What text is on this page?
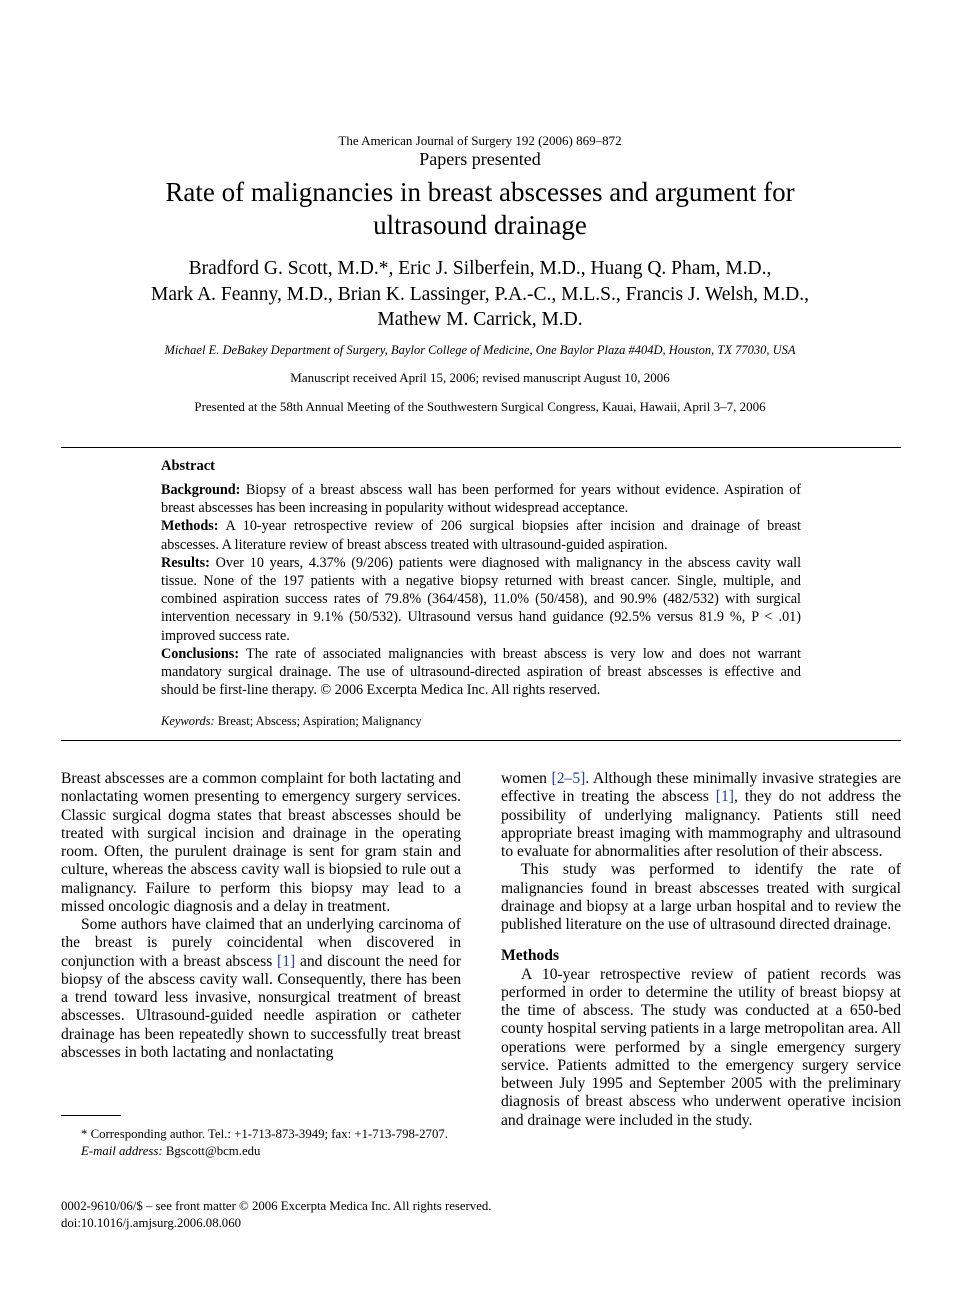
The American Journal of Surgery 192 (2006) 869–872
Papers presented
Rate of malignancies in breast abscesses and argument for
ultrasound drainage
Bradford G. Scott, M.D.*, Eric J. Silberfein, M.D., Huang Q. Pham, M.D.,
Mark A. Feanny, M.D., Brian K. Lassinger, P.A.-C., M.L.S., Francis J. Welsh, M.D.,
Mathew M. Carrick, M.D.
Michael E. DeBakey Department of Surgery, Baylor College of Medicine, One Baylor Plaza #404D, Houston, TX 77030, USA
Manuscript received April 15, 2006; revised manuscript August 10, 2006
Presented at the 58th Annual Meeting of the Southwestern Surgical Congress, Kauai, Hawaii, April 3–7, 2006
Abstract

Background: Biopsy of a breast abscess wall has been performed for years without evidence. Aspiration of breast abscesses has been increasing in popularity without widespread acceptance.

Methods: A 10-year retrospective review of 206 surgical biopsies after incision and drainage of breast abscesses. A literature review of breast abscess treated with ultrasound-guided aspiration.

Results: Over 10 years, 4.37% (9/206) patients were diagnosed with malignancy in the abscess cavity wall tissue. None of the 197 patients with a negative biopsy returned with breast cancer. Single, multiple, and combined aspiration success rates of 79.8% (364/458), 11.0% (50/458), and 90.9% (482/532) with surgical intervention necessary in 9.1% (50/532). Ultrasound versus hand guidance (92.5% versus 81.9 %, P < .01) improved success rate.

Conclusions: The rate of associated malignancies with breast abscess is very low and does not warrant mandatory surgical drainage. The use of ultrasound-directed aspiration of breast abscesses is effective and should be first-line therapy. © 2006 Excerpta Medica Inc. All rights reserved.

Keywords: Breast; Abscess; Aspiration; Malignancy

Breast abscesses are a common complaint for both lactating and nonlactating women presenting to emergency surgery services. Classic surgical dogma states that breast abscesses should be treated with surgical incision and drainage in the operating room. Often, the purulent drainage is sent for gram stain and culture, whereas the abscess cavity wall is biopsied to rule out a malignancy. Failure to perform this biopsy may lead to a missed oncologic diagnosis and a delay in treatment.

Some authors have claimed that an underlying carcinoma of the breast is purely coincidental when discovered in conjunction with a breast abscess [1] and discount the need for biopsy of the abscess cavity wall. Consequently, there has been a trend toward less invasive, nonsurgical treatment of breast abscesses. Ultrasound-guided needle aspiration or catheter drainage has been repeatedly shown to successfully treat breast abscesses in both lactating and nonlactating

women [2–5]. Although these minimally invasive strategies are effective in treating the abscess [1], they do not address the possibility of underlying malignancy. Patients still need appropriate breast imaging with mammography and ultrasound to evaluate for abnormalities after resolution of their abscess.

This study was performed to identify the rate of malignancies found in breast abscesses treated with surgical drainage and biopsy at a large urban hospital and to review the published literature on the use of ultrasound directed drainage.

Methods

A 10-year retrospective review of patient records was performed in order to determine the utility of breast biopsy at the time of abscess. The study was conducted at a 650-bed county hospital serving patients in a large metropolitan area. All operations were performed by a single emergency surgery service. Patients admitted to the emergency surgery service between July 1995 and September 2005 with the preliminary diagnosis of breast abscess who underwent operative incision and drainage were included in the study.

* Corresponding author. Tel.: +1-713-873-3949; fax: +1-713-798-2707.

E-mail address: Bgscott@bcm.edu

0002-9610/06/$ – see front matter © 2006 Excerpta Medica Inc. All rights reserved.

doi:10.1016/j.amjsurg.2006.08.060
